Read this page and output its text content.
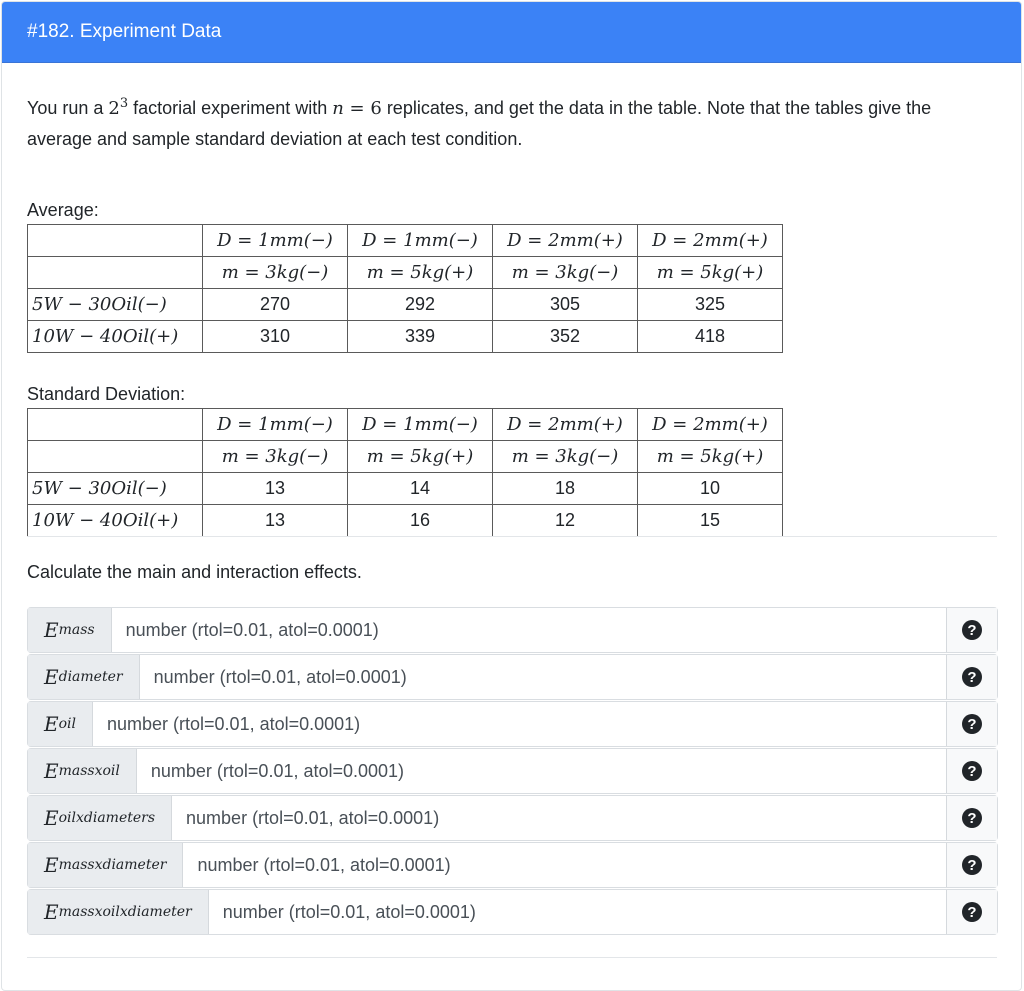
#182. Experiment Data

You run a $2^3$ factorial experiment with n = 6 replicates, and get the data in the table. Note that the tables give the average and sample standard deviation at each test condition.

Average:

	D = 1mm(−)	D = 1mm(−)	D = 2mm(+)	D = 2mm(+)
	m = 3kg(−)	m = 5kg(+)	m = 3kg(−)	m = 5kg(+)
5W − 30Oil(−)	270	292	305	325
10W − 40Oil(+)	310	339	352	418

Standard Deviation:

	D = 1mm(−)	D = 1mm(−)	D = 2mm(+)	D = 2mm(+)
	m = 3kg(−)	m = 5kg(+)	m = 3kg(−)	m = 5kg(+)
5W − 30Oil(−)	13	14	18	10
10W − 40Oil(+)	13	16	12	15
Calculate the main and interaction effects.
E mass
number (rtol=0.01, atol=0.0001)	?
E diameter
number (rtol=0.01, atol=0.0001)	?
E oil
number (rtol=0.01, atol=0.0001)	?
E massxoil
number (rtol=0.01, atol=0.0001)	?
E oilxdiameters
number (rtol=0.01, atol=0.0001)	?
E massxdiameter
number (rtol=0.01, atol=0.0001)	?
E massxoilxdiameter
number (rtol=0.01, atol=0.0001)	?
